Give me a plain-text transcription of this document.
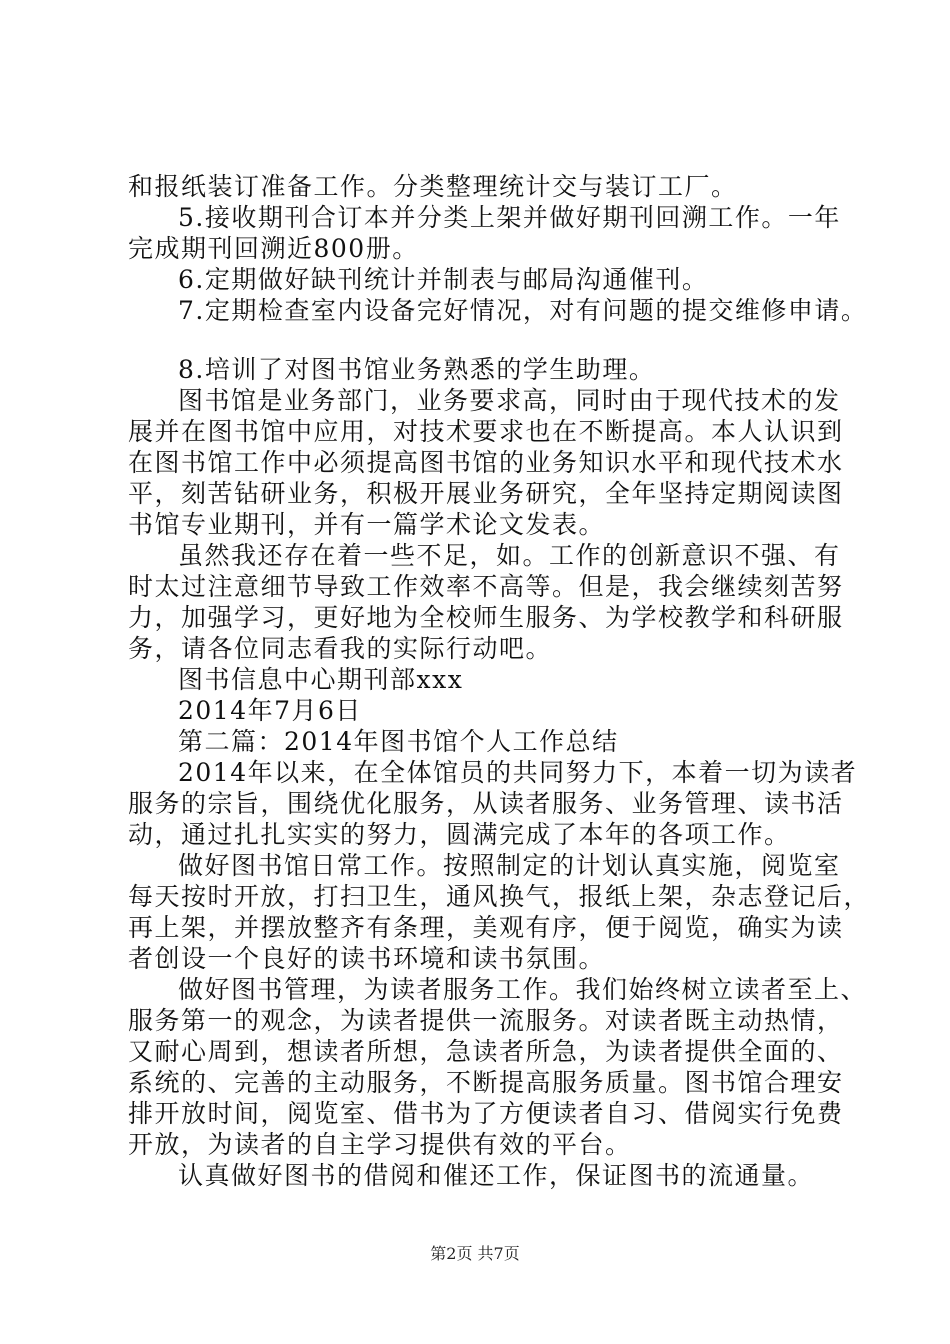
和报纸装订准备工作。分类整理统计交与装订工厂。
5.接收期刊合订本并分类上架并做好期刊回溯工作。一年
完成期刊回溯近800册。
6.定期做好缺刊统计并制表与邮局沟通催刊。
7.定期检查室内设备完好情况，对有问题的提交维修申请。
8.培训了对图书馆业务熟悉的学生助理。
图书馆是业务部门，业务要求高，同时由于现代技术的发
展并在图书馆中应用，对技术要求也在不断提高。本人认识到
在图书馆工作中必须提高图书馆的业务知识水平和现代技术水
平，刻苦钻研业务，积极开展业务研究，全年坚持定期阅读图
书馆专业期刊，并有一篇学术论文发表。
虽然我还存在着一些不足，如。工作的创新意识不强、有
时太过注意细节导致工作效率不高等。但是，我会继续刻苦努
力，加强学习，更好地为全校师生服务、为学校教学和科研服
务，请各位同志看我的实际行动吧。
图书信息中心期刊部xxx
2014年7月6日
第二篇：2014年图书馆个人工作总结
2014年以来，在全体馆员的共同努力下，本着一切为读者
服务的宗旨，围绕优化服务，从读者服务、业务管理、读书活
动，通过扎扎实实的努力，圆满完成了本年的各项工作。
做好图书馆日常工作。按照制定的计划认真实施，阅览室
每天按时开放，打扫卫生，通风换气，报纸上架，杂志登记后，
再上架，并摆放整齐有条理，美观有序，便于阅览，确实为读
者创设一个良好的读书环境和读书氛围。
做好图书管理，为读者服务工作。我们始终树立读者至上、
服务第一的观念，为读者提供一流服务。对读者既主动热情，
又耐心周到，想读者所想，急读者所急，为读者提供全面的、
系统的、完善的主动服务，不断提高服务质量。图书馆合理安
排开放时间，阅览室、借书为了方便读者自习、借阅实行免费
开放，为读者的自主学习提供有效的平台。
认真做好图书的借阅和催还工作，保证图书的流通量。
第2页 共7页
